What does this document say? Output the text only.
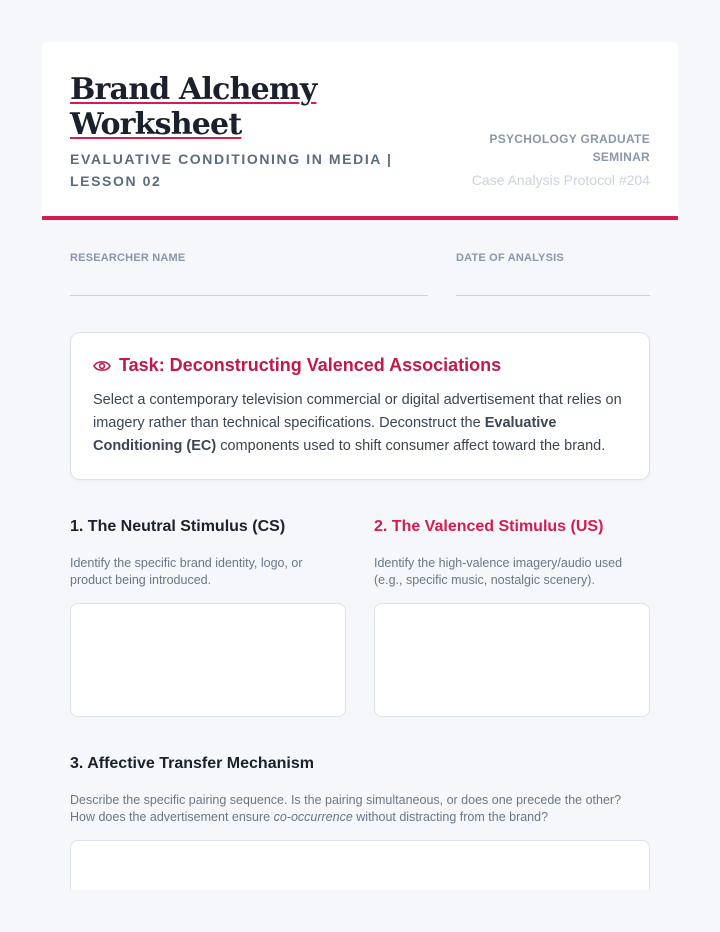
Brand Alchemy Worksheet
EVALUATIVE CONDITIONING IN MEDIA | LESSON 02
PSYCHOLOGY GRADUATE SEMINAR
Case Analysis Protocol #204
RESEARCHER NAME	DATE OF ANALYSIS
Task: Deconstructing Valenced Associations

Select a contemporary television commercial or digital advertisement that relies on imagery rather than technical specifications. Deconstruct the Evaluative Conditioning (EC) components used to shift consumer affect toward the brand.

1. The Neutral Stimulus (CS)

Identify the specific brand identity, logo, or product being introduced.

2. The Valenced Stimulus (US)

Identify the high-valence imagery/audio used (e.g., specific music, nostalgic scenery).

3. Affective Transfer Mechanism

Describe the specific pairing sequence. Is the pairing simultaneous, or does one precede the other? How does the advertisement ensure co-occurrence without distracting from the brand?
